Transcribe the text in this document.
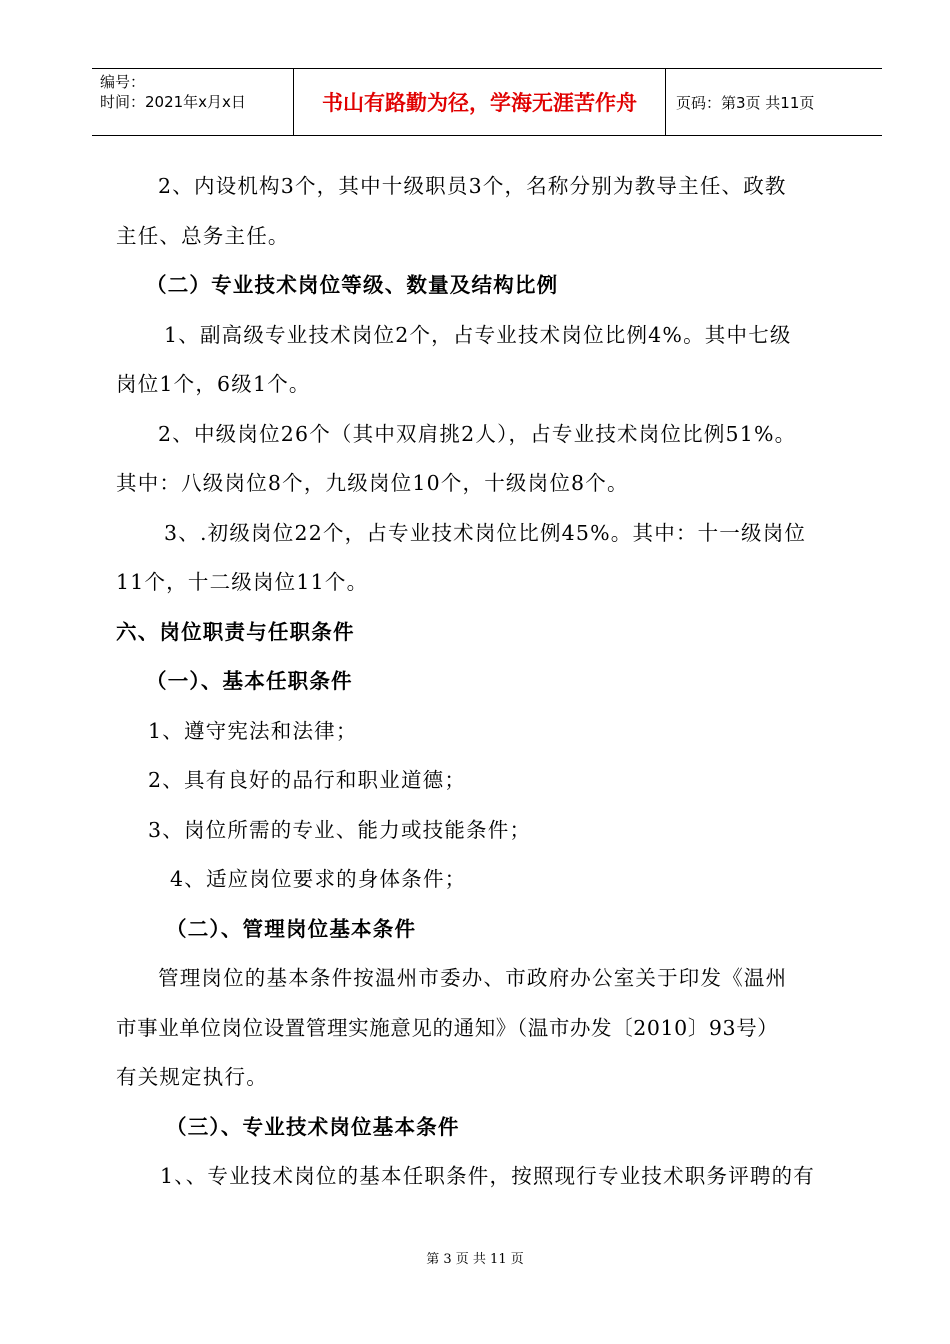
编号：
时间：2021年x月x日	书山有路勤为径，学海无涯苦作舟	页码：第3页 共11页

2、内设机构3个，其中十级职员3个，名称分别为教导主任、政教

主任、总务主任。

（二）专业技术岗位等级、数量及结构比例

1、副高级专业技术岗位2个，占专业技术岗位比例4%。其中七级

岗位1个，6级1个。

2、中级岗位26个（其中双肩挑2人），占专业技术岗位比例51%。

其中：八级岗位8个，九级岗位10个，十级岗位8个。

3、.初级岗位22个，占专业技术岗位比例45%。其中：十一级岗位

11个，十二级岗位11个。

六、岗位职责与任职条件

（一）、基本任职条件

1、遵守宪法和法律；

2、具有良好的品行和职业道德；

3、岗位所需的专业、能力或技能条件；

4、适应岗位要求的身体条件；

（二）、管理岗位基本条件

管理岗位的基本条件按温州市委办、市政府办公室关于印发《温州

市事业单位岗位设置管理实施意见的通知》（温市办发〔2010〕93号）

有关规定执行。

（三）、专业技术岗位基本条件

1、、专业技术岗位的基本任职条件，按照现行专业技术职务评聘的有

第 3 页 共 11 页
